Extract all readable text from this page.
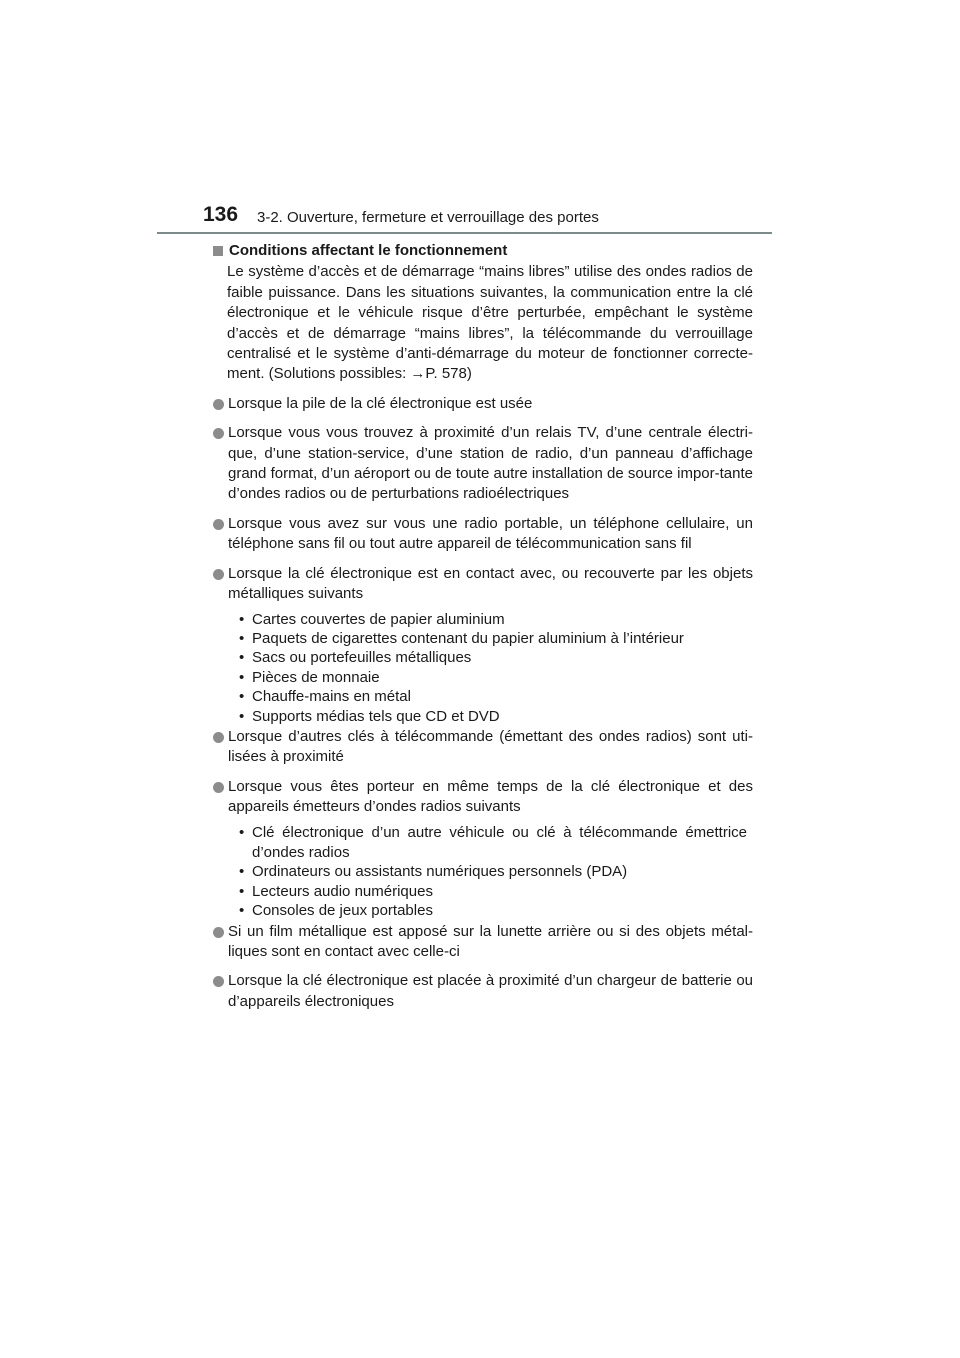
136 3-2. Ouverture, fermeture et verrouillage des portes
Conditions affectant le fonctionnement

Le système d’accès et de démarrage “mains libres” utilise des ondes radios de faible puissance. Dans les situations suivantes, la communication entre la clé électronique et le véhicule risque d’être perturbée, empêchant le système d’accès et de démarrage “mains libres”, la télécommande du verrouillage centralisé et le système d’anti-démarrage du moteur de fonctionner correcte-ment. (Solutions possibles: →P. 578)

Lorsque la pile de la clé électronique est usée
Lorsque vous vous trouvez à proximité d’un relais TV, d’une centrale électri-que, d’une station-service, d’une station de radio, d’un panneau d’affichage grand format, d’un aéroport ou de toute autre installation de source impor-tante d’ondes radios ou de perturbations radioélectriques
Lorsque vous avez sur vous une radio portable, un téléphone cellulaire, un téléphone sans fil ou tout autre appareil de télécommunication sans fil
Lorsque la clé électronique est en contact avec, ou recouverte par les objets métalliques suivants
• Cartes couvertes de papier aluminium
• Paquets de cigarettes contenant du papier aluminium à l’intérieur
• Sacs ou portefeuilles métalliques
• Pièces de monnaie
• Chauffe-mains en métal
• Supports médias tels que CD et DVD
Lorsque d’autres clés à télécommande (émettant des ondes radios) sont uti-lisées à proximité
Lorsque vous êtes porteur en même temps de la clé électronique et des appareils émetteurs d’ondes radios suivants
• Clé électronique d’un autre véhicule ou clé à télécommande émettrice d’ondes radios
• Ordinateurs ou assistants numériques personnels (PDA)
• Lecteurs audio numériques
• Consoles de jeux portables
Si un film métallique est apposé sur la lunette arrière ou si des objets métal-liques sont en contact avec celle-ci
Lorsque la clé électronique est placée à proximité d’un chargeur de batterie ou d’appareils électroniques
